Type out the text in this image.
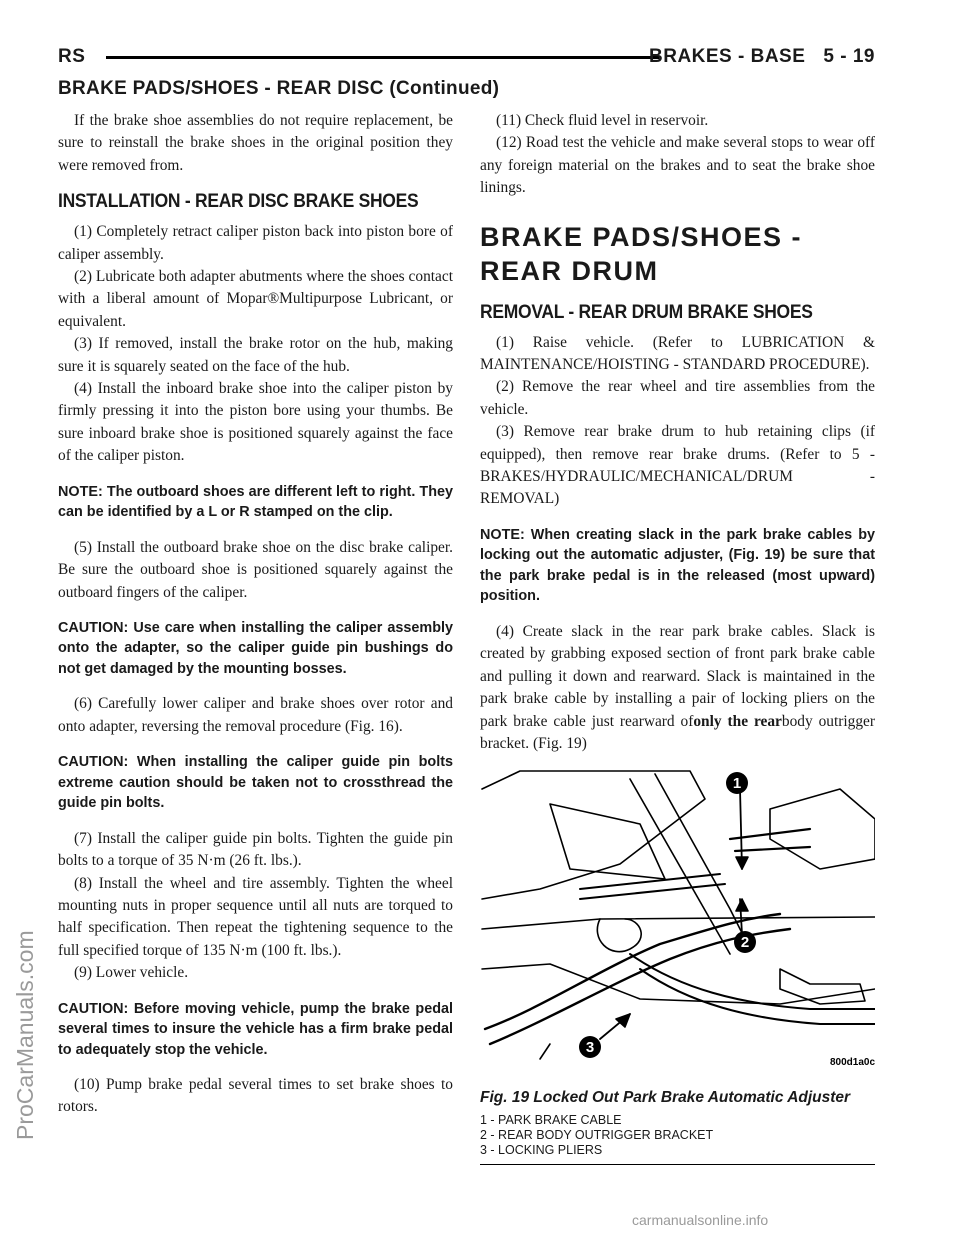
RS	BRAKES - BASE 5 - 19
BRAKE PADS/SHOES - REAR DISC (Continued)

If the brake shoe assemblies do not require replacement, be sure to reinstall the brake shoes in the original position they were removed from.

INSTALLATION - REAR DISC BRAKE SHOES

(1) Completely retract caliper piston back into piston bore of caliper assembly.

(2) Lubricate both adapter abutments where the shoes contact with a liberal amount of Mopar®Multipurpose Lubricant, or equivalent.

(3) If removed, install the brake rotor on the hub, making sure it is squarely seated on the face of the hub.

(4) Install the inboard brake shoe into the caliper piston by firmly pressing it into the piston bore using your thumbs. Be sure inboard brake shoe is positioned squarely against the face of the caliper piston.

NOTE: The outboard shoes are different left to right. They can be identified by a L or R stamped on the clip.

(5) Install the outboard brake shoe on the disc brake caliper. Be sure the outboard shoe is positioned squarely against the outboard fingers of the caliper.

CAUTION: Use care when installing the caliper assembly onto the adapter, so the caliper guide pin bushings do not get damaged by the mounting bosses.

(6) Carefully lower caliper and brake shoes over rotor and onto adapter, reversing the removal procedure (Fig. 16).

CAUTION: When installing the caliper guide pin bolts extreme caution should be taken not to crossthread the guide pin bolts.

(7) Install the caliper guide pin bolts. Tighten the guide pin bolts to a torque of 35 N·m (26 ft. lbs.).

(8) Install the wheel and tire assembly. Tighten the wheel mounting nuts in proper sequence until all nuts are torqued to half specification. Then repeat the tightening sequence to the full specified torque of 135 N·m (100 ft. lbs.).

(9) Lower vehicle.

CAUTION: Before moving vehicle, pump the brake pedal several times to insure the vehicle has a firm brake pedal to adequately stop the vehicle.

(10) Pump brake pedal several times to set brake shoes to rotors.

(11) Check fluid level in reservoir.

(12) Road test the vehicle and make several stops to wear off any foreign material on the brakes and to seat the brake shoe linings.

BRAKE PADS/SHOES - REAR DRUM
REMOVAL - REAR DRUM BRAKE SHOES

(1) Raise vehicle. (Refer to LUBRICATION & MAINTENANCE/HOISTING - STANDARD PROCEDURE).

(2) Remove the rear wheel and tire assemblies from the vehicle.

(3) Remove rear brake drum to hub retaining clips (if equipped), then remove rear brake drums. (Refer to 5 - BRAKES/HYDRAULIC/MECHANICAL/DRUM - REMOVAL)

NOTE: When creating slack in the park brake cables by locking out the automatic adjuster, (Fig. 19) be sure that the park brake pedal is in the released (most upward) position.

(4) Create slack in the rear park brake cables. Slack is created by grabbing exposed section of front park brake cable and pulling it down and rearward. Slack is maintained in the park brake cable by installing a pair of locking pliers on the park brake cable just rearward ofonly the rearbody outrigger bracket. (Fig. 19)

1
2
3
800d1a0c
Fig. 19 Locked Out Park Brake Automatic Adjuster
1 - PARK BRAKE CABLE
2 - REAR BODY OUTRIGGER BRACKET
3 - LOCKING PLIERS
ProCarManuals.com
carmanualsonline.info
